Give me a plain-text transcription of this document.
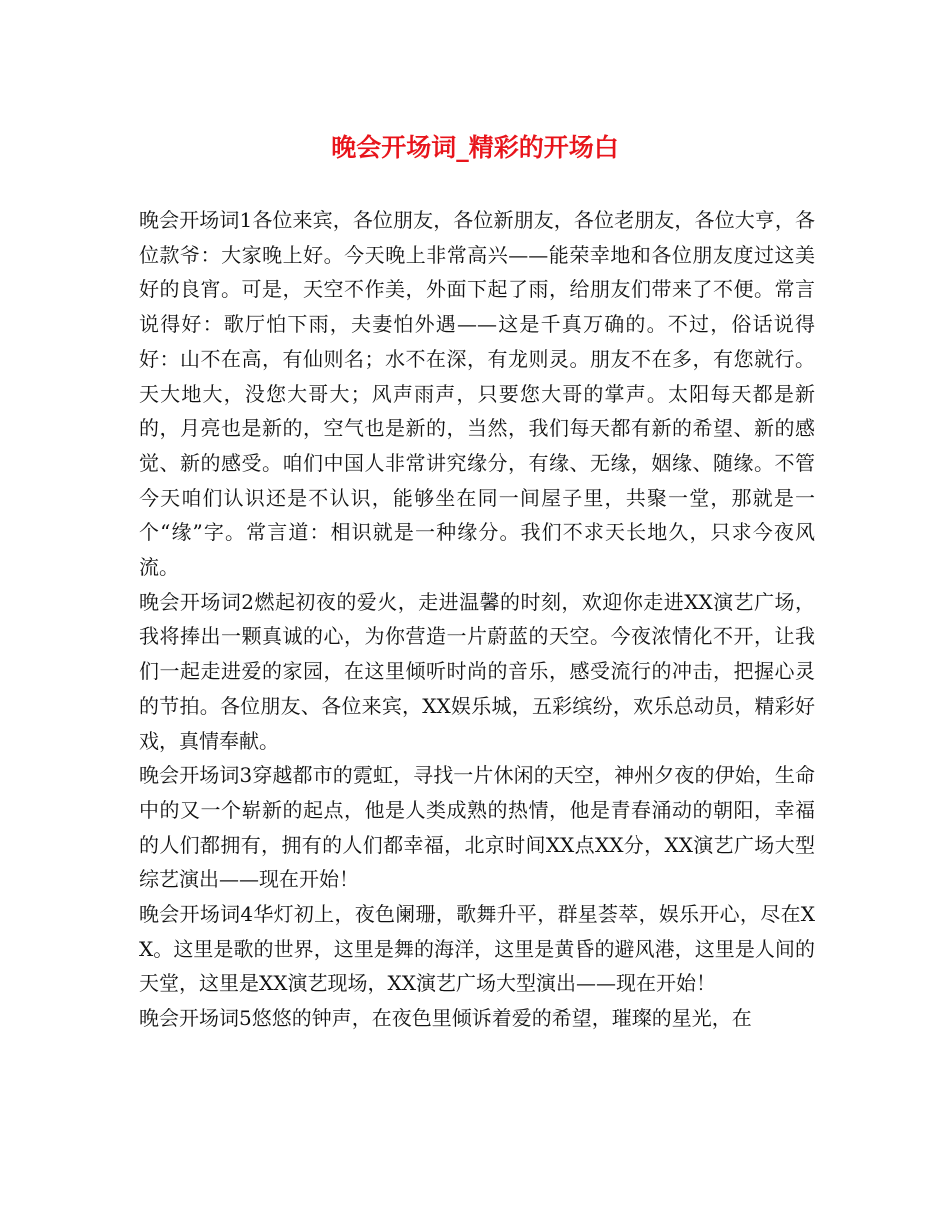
晚会开场词_精彩的开场白

晚会开场词1各位来宾，各位朋友，各位新朋友，各位老朋友，各位大亨，各位款爷：大家晚上好。今天晚上非常高兴——能荣幸地和各位朋友度过这美好的良宵。可是，天空不作美，外面下起了雨，给朋友们带来了不便。常言说得好：歌厅怕下雨，夫妻怕外遇——这是千真万确的。不过，俗话说得好：山不在高，有仙则名；水不在深，有龙则灵。朋友不在多，有您就行。天大地大，没您大哥大；风声雨声，只要您大哥的掌声。太阳每天都是新的，月亮也是新的，空气也是新的，当然，我们每天都有新的希望、新的感觉、新的感受。咱们中国人非常讲究缘分，有缘、无缘，姻缘、随缘。不管今天咱们认识还是不认识，能够坐在同一间屋子里，共聚一堂，那就是一个“缘”字。常言道：相识就是一种缘分。我们不求天长地久，只求今夜风流。

晚会开场词2燃起初夜的爱火，走进温馨的时刻，欢迎你走进XX演艺广场，我将捧出一颗真诚的心，为你营造一片蔚蓝的天空。今夜浓情化不开，让我们一起走进爱的家园，在这里倾听时尚的音乐，感受流行的冲击，把握心灵的节拍。各位朋友、各位来宾，XX娱乐城，五彩缤纷，欢乐总动员，精彩好戏，真情奉献。

晚会开场词3穿越都市的霓虹，寻找一片休闲的天空，神州夕夜的伊始，生命中的又一个崭新的起点，他是人类成熟的热情，他是青春涌动的朝阳，幸福的人们都拥有，拥有的人们都幸福，北京时间XX点XX分，XX演艺广场大型综艺演出——现在开始！

晚会开场词4华灯初上，夜色阑珊，歌舞升平，群星荟萃，娱乐开心，尽在XX。这里是歌的世界，这里是舞的海洋，这里是黄昏的避风港，这里是人间的天堂，这里是XX演艺现场，XX演艺广场大型演出——现在开始！

晚会开场词5悠悠的钟声，在夜色里倾诉着爱的希望，璀璨的星光，在
